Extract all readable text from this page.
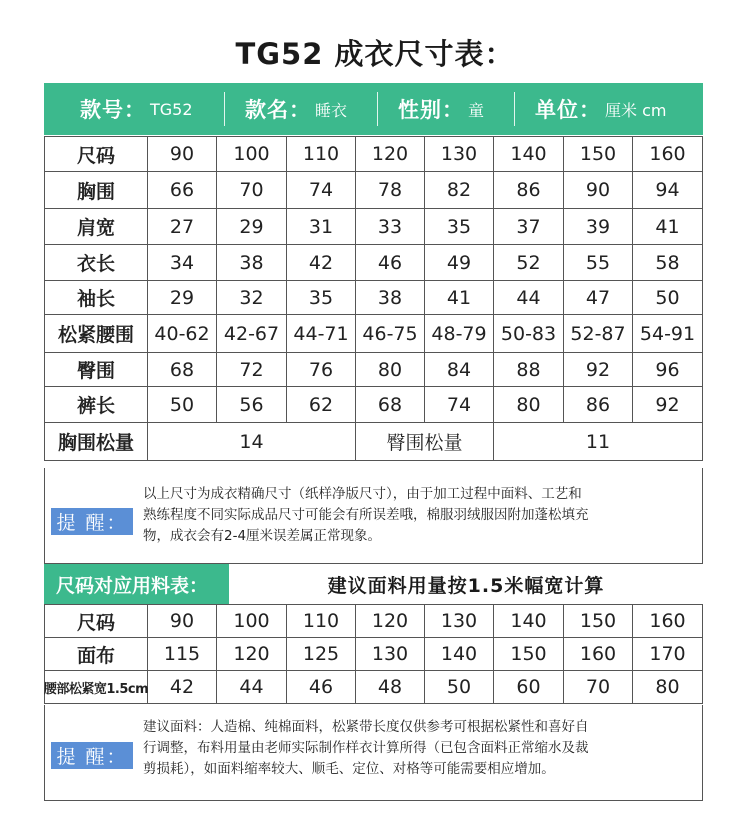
TG52 成衣尺寸表：
款号： TG52 款名： 睡衣 性别： 童 单位： 厘米 cm
尺码	90	100	110	120	130	140	150	160
胸围	66	70	74	78	82	86	90	94
肩宽	27	29	31	33	35	37	39	41
衣长	34	38	42	46	49	52	55	58
袖长	29	32	35	38	41	44	47	50
松紧腰围	40-62 42-67 44-71 46-75 48-79 50-83 52-87 54-91
臀围	68	72	76	80	84	88	92	96
裤长	50	56	62	68	74	80	86	92
胸围松量	14	臀围松量	11
提 醒：
以上尺寸为成衣精确尺寸（纸样净版尺寸），由于加工过程中面料、工艺和
熟练程度不同实际成品尺寸可能会有所误差哦，棉服羽绒服因附加蓬松填充
物，成衣会有2-4厘米误差属正常现象。
尺码对应用料表：	建议面料用量按1.5米幅宽计算
尺码	90	100	110	120	130	140	150	160
面布	115	120	125	130	140	150	160	170
腰部松紧宽1.5cm	42	44	46	48	50	60	70	80
提 醒：
建议面料：人造棉、纯棉面料，松紧带长度仅供参考可根据松紧性和喜好自
行调整，布料用量由老师实际制作样衣计算所得（已包含面料正常缩水及裁
剪损耗），如面料缩率较大、顺毛、定位、对格等可能需要相应增加。
